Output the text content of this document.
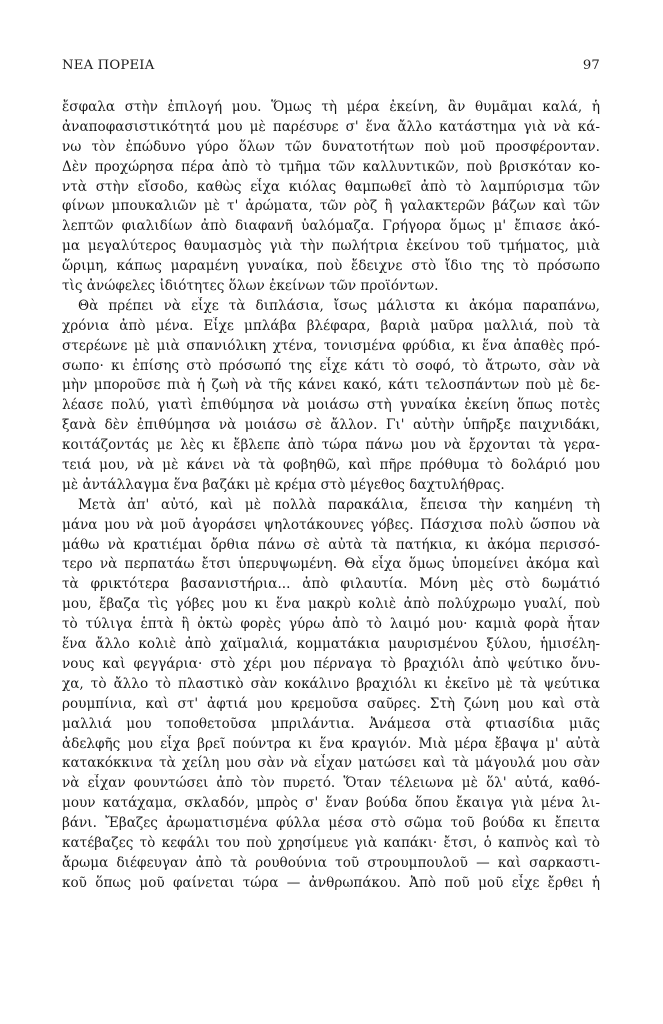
ΝΕΑ ΠΟΡΕΙΑ	97
ἔσφαλα στὴν ἐπιλογή μου. Ὅμως τὴ μέρα ἐκείνη, ἂν θυμᾶμαι καλά, ἡ
ἀναποφασιστικότητά μου μὲ παρέσυρε σ' ἕνα ἄλλο κατάστημα γιὰ νὰ κά-
νω τὸν ἐπώδυνο γύρο ὅλων τῶν δυνατοτήτων ποὺ μοῦ προσφέρονταν.
Δὲν προχώρησα πέρα ἀπὸ τὸ τμῆμα τῶν καλλυντικῶν, ποὺ βρισκόταν κο-
ντὰ στὴν εἴσοδο, καθὼς εἶχα κιόλας θαμπωθεῖ ἀπὸ τὸ λαμπύρισμα τῶν
φίνων μπουκαλιῶν μὲ τ' ἀρώματα, τῶν ρὸζ ἢ γαλακτερῶν βάζων καὶ τῶν
λεπτῶν φιαλιδίων ἀπὸ διαφανῆ ὑαλόμαζα. Γρήγορα ὅμως μ' ἔπιασε ἀκό-
μα μεγαλύτερος θαυμασμὸς γιὰ τὴν πωλήτρια ἐκείνου τοῦ τμήματος, μιὰ
ὥριμη, κάπως μαραμένη γυναίκα, ποὺ ἔδειχνε στὸ ἴδιο της τὸ πρόσωπο
τὶς ἀνώφελες ἰδιότητες ὅλων ἐκείνων τῶν προϊόντων.
Θὰ πρέπει νὰ εἶχε τὰ διπλάσια, ἴσως μάλιστα κι ἀκόμα παραπάνω,
χρόνια ἀπὸ μένα. Εἶχε μπλάβα βλέφαρα, βαριὰ μαῦρα μαλλιά, ποὺ τὰ
στερέωνε μὲ μιὰ σπανιόλικη χτένα, τονισμένα φρύδια, κι ἕνα ἀπαθὲς πρό-
σωπο· κι ἐπίσης στὸ πρόσωπό της εἶχε κάτι τὸ σοφό, τὸ ἄτρωτο, σὰν νὰ
μὴν μποροῦσε πιὰ ἡ ζωὴ νὰ τῆς κάνει κακό, κάτι τελοσπάντων ποὺ μὲ δε-
λέασε πολύ, γιατὶ ἐπιθύμησα νὰ μοιάσω στὴ γυναίκα ἐκείνη ὅπως ποτὲς
ξανὰ δὲν ἐπιθύμησα νὰ μοιάσω σὲ ἄλλον. Γι' αὐτὴν ὑπῆρξε παιχνιδάκι,
κοιτάζοντάς με λὲς κι ἔβλεπε ἀπὸ τώρα πάνω μου νὰ ἔρχονται τὰ γερα-
τειά μου, νὰ μὲ κάνει νὰ τὰ φοβηθῶ, καὶ πῆρε πρόθυμα τὸ δολάριό μου
μὲ ἀντάλλαγμα ἕνα βαζάκι μὲ κρέμα στὸ μέγεθος δαχτυλήθρας.
Μετὰ ἀπ' αὐτό, καὶ μὲ πολλὰ παρακάλια, ἔπεισα τὴν καημένη τὴ
μάνα μου νὰ μοῦ ἀγοράσει ψηλοτάκουνες γόβες. Πάσχισα πολὺ ὥσπου νὰ
μάθω νὰ κρατιέμαι ὄρθια πάνω σὲ αὐτὰ τὰ πατήκια, κι ἀκόμα περισσό-
τερο νὰ περπατάω ἔτσι ὑπερυψωμένη. Θὰ εἶχα ὅμως ὑπομείνει ἀκόμα καὶ
τὰ φρικτότερα βασανιστήρια... ἀπὸ φιλαυτία. Μόνη μὲς στὸ δωμάτιό
μου, ἔβαζα τὶς γόβες μου κι ἕνα μακρὺ κολιὲ ἀπὸ πολύχρωμο γυαλί, ποὺ
τὸ τύλιγα ἑπτὰ ἢ ὀκτὼ φορὲς γύρω ἀπὸ τὸ λαιμό μου· καμιὰ φορὰ ἦταν
ἕνα ἄλλο κολιὲ ἀπὸ χαϊμαλιά, κομματάκια μαυρισμένου ξύλου, ἡμισέλη-
νους καὶ φεγγάρια· στὸ χέρι μου πέρναγα τὸ βραχιόλι ἀπὸ ψεύτικο ὄνυ-
χα, τὸ ἄλλο τὸ πλαστικὸ σὰν κοκάλινο βραχιόλι κι ἐκεῖνο μὲ τὰ ψεύτικα
ρουμπίνια, καὶ στ' ἀφτιά μου κρεμοῦσα σαῦρες. Στὴ ζώνη μου καὶ στὰ
μαλλιά μου τοποθετοῦσα μπριλάντια. Ἀνάμεσα στὰ φτιασίδια μιᾶς
ἀδελφῆς μου εἶχα βρεῖ πούντρα κι ἕνα κραγιόν. Μιὰ μέρα ἔβαψα μ' αὐτὰ
κατακόκκινα τὰ χείλη μου σὰν νὰ εἶχαν ματώσει καὶ τὰ μάγουλά μου σὰν
νὰ εἶχαν φουντώσει ἀπὸ τὸν πυρετό. Ὅταν τέλειωνα μὲ ὅλ' αὐτά, καθό-
μουν κατάχαμα, σκλαδόν, μπρὸς σ' ἕναν βούδα ὅπου ἔκαιγα γιὰ μένα λι-
βάνι. Ἔβαζες ἀρωματισμένα φύλλα μέσα στὸ σῶμα τοῦ βούδα κι ἔπειτα
κατέβαζες τὸ κεφάλι του ποὺ χρησίμευε γιὰ καπάκι· ἔτσι, ὁ καπνὸς καὶ τὸ
ἄρωμα διέφευγαν ἀπὸ τὰ ρουθούνια τοῦ στρουμπουλοῦ — καὶ σαρκαστι-
κοῦ ὅπως μοῦ φαίνεται τώρα — ἀνθρωπάκου. Ἀπὸ ποῦ μοῦ εἶχε ἔρθει ἡ
